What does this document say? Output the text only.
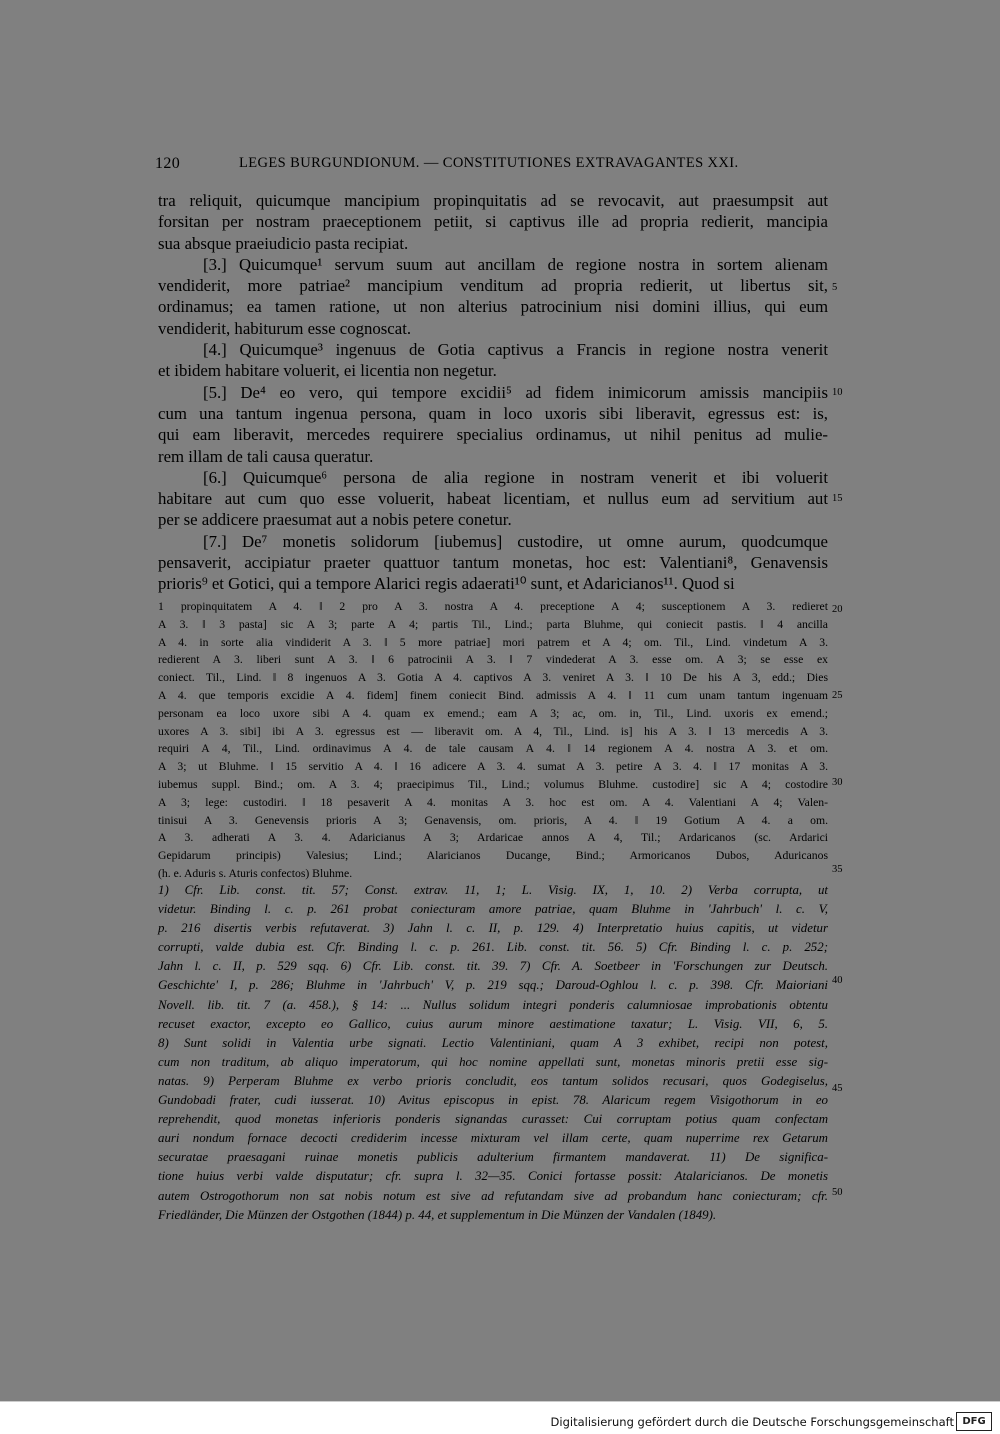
120	LEGES BURGUNDIONUM. — CONSTITUTIONES EXTRAVAGANTES XXI.
tra reliquit, quicumque mancipium propinquitatis ad se revocavit, aut praesumpsit aut
forsitan per nostram praeceptionem petiit, si captivus ille ad propria redierit, mancipia
sua absque praeiudicio pasta recipiat.
[3.] Quicumque¹ servum suum aut ancillam de regione nostra in sortem alienam
vendiderit, more patriae² mancipium venditum ad propria redierit, ut libertus sit,
ordinamus; ea tamen ratione, ut non alterius patrocinium nisi domini illius, qui eum
vendiderit, habiturum esse cognoscat.
[4.] Quicumque³ ingenuus de Gotia captivus a Francis in regione nostra venerit
et ibidem habitare voluerit, ei licentia non negetur.
[5.] De⁴ eo vero, qui tempore excidii⁵ ad fidem inimicorum amissis mancipiis
cum una tantum ingenua persona, quam in loco uxoris sibi liberavit, egressus est: is,
qui eam liberavit, mercedes requirere specialius ordinamus, ut nihil penitus ad mulie-
rem illam de tali causa queratur.
[6.] Quicumque⁶ persona de alia regione in nostram venerit et ibi voluerit
habitare aut cum quo esse voluerit, habeat licentiam, et nullus eum ad servitium aut
per se addicere praesumat aut a nobis petere conetur.
[7.] De⁷ monetis solidorum [iubemus] custodire, ut omne aurum, quodcumque
pensaverit, accipiatur praeter quattuor tantum monetas, hoc est: Valentiani⁸, Genavensis
prioris⁹ et Gotici, qui a tempore Alarici regis adaerati¹⁰ sunt, et Adaricianos¹¹. Quod si
1 propinquitatem A 4. ‖ 2 pro A 3. nostra A 4. preceptione A 4; susceptionem A 3. redieret
A 3. ‖ 3 pasta] sic A 3; parte A 4; partis Til., Lind.; parta Bluhme, qui coniecit pastis. ‖ 4 ancilla
A 4. in sorte alia vindiderit A 3. ‖ 5 more patriae] mori patrem et A 4; om. Til., Lind. vindetum A 3.
redierent A 3. liberi sunt A 3. ‖ 6 patrocinii A 3. ‖ 7 vindederat A 3. esse om. A 3; se esse ex
coniect. Til., Lind. ‖ 8 ingenuos A 3. Gotia A 4. captivos A 3. veniret A 3. ‖ 10 De his A 3, edd.; Dies
A 4. que temporis excidie A 4. fidem] finem coniecit Bind. admissis A 4. ‖ 11 cum unam tantum ingenuam
personam ea loco uxore sibi A 4. quam ex emend.; eam A 3; ac, om. in, Til., Lind. uxoris ex emend.;
uxores A 3. sibi] ibi A 3. egressus est — liberavit om. A 4, Til., Lind. is] his A 3. ‖ 13 mercedis A 3.
requiri A 4, Til., Lind. ordinavimus A 4. de tale causam A 4. ‖ 14 regionem A 4. nostra A 3. et om.
A 3; ut Bluhme. ‖ 15 servitio A 4. ‖ 16 adicere A 3. 4. sumat A 3. petire A 3. 4. ‖ 17 monitas A 3.
iubemus suppl. Bind.; om. A 3. 4; praecipimus Til., Lind.; volumus Bluhme. custodire] sic A 4; costodire
A 3; lege: custodiri. ‖ 18 pesaverit A 4. monitas A 3. hoc est om. A 4. Valentiani A 4; Valen-
tinisui A 3. Genevensis prioris A 3; Genavensis, om. prioris, A 4. ‖ 19 Gotium A 4. a om.
A 3. adherati A 3. 4. Adaricianus A 3; Ardaricae annos A 4, Til.; Ardaricanos (sc. Ardarici
Gepidarum principis) Valesius; Lind.; Alaricianos Ducange, Bind.; Armoricanos Dubos, Aduricanos
(h. e. Aduris s. Aturis confectos) Bluhme.
1) Cfr. Lib. const. tit. 57; Const. extrav. 11, 1; L. Visig. IX, 1, 10. 2) Verba corrupta, ut
videtur. Binding l. c. p. 261 probat coniecturam amore patriae, quam Bluhme in 'Jahrbuch' l. c. V,
p. 216 disertis verbis refutaverat. 3) Jahn l. c. II, p. 129. 4) Interpretatio huius capitis, ut videtur
corrupti, valde dubia est. Cfr. Binding l. c. p. 261. Lib. const. tit. 56. 5) Cfr. Binding l. c. p. 252;
Jahn l. c. II, p. 529 sqq. 6) Cfr. Lib. const. tit. 39. 7) Cfr. A. Soetbeer in 'Forschungen zur Deutsch.
Geschichte' I, p. 286; Bluhme in 'Jahrbuch' V, p. 219 sqq.; Daroud-Oghlou l. c. p. 398. Cfr. Maioriani
Novell. lib. tit. 7 (a. 458.), § 14: ... Nullus solidum integri ponderis calumniosae improbationis obtentu
recuset exactor, excepto eo Gallico, cuius aurum minore aestimatione taxatur; L. Visig. VII, 6, 5.
8) Sunt solidi in Valentia urbe signati. Lectio Valentiniani, quam A 3 exhibet, recipi non potest,
cum non traditum, ab aliquo imperatorum, qui hoc nomine appellati sunt, monetas minoris pretii esse sig-
natas. 9) Perperam Bluhme ex verbo prioris concludit, eos tantum solidos recusari, quos Godegiselus,
Gundobadi frater, cudi iusserat. 10) Avitus episcopus in epist. 78. Alaricum regem Visigothorum in eo
reprehendit, quod monetas inferioris ponderis signandas curasset: Cui corruptam potius quam confectam
auri nondum fornace decocti crediderim incesse mixturam vel illam certe, quam nuperrime rex Getarum
securatae praesagani ruinae monetis publicis adulterium firmantem mandaverat. 11) De significa-
tione huius verbi valde disputatur; cfr. supra l. 32—35. Conici fortasse possit: Atalaricianos. De monetis
autem Ostrogothorum non sat nobis notum est sive ad refutandam sive ad probandum hanc coniecturam; cfr.
Friedländer, Die Münzen der Ostgothen (1844) p. 44, et supplementum in Die Münzen der Vandalen (1849).
5
10
15
20
25
30
35
40
45
50
Digitalisierung gefördert durch die Deutsche Forschungsgemeinschaft DFG
